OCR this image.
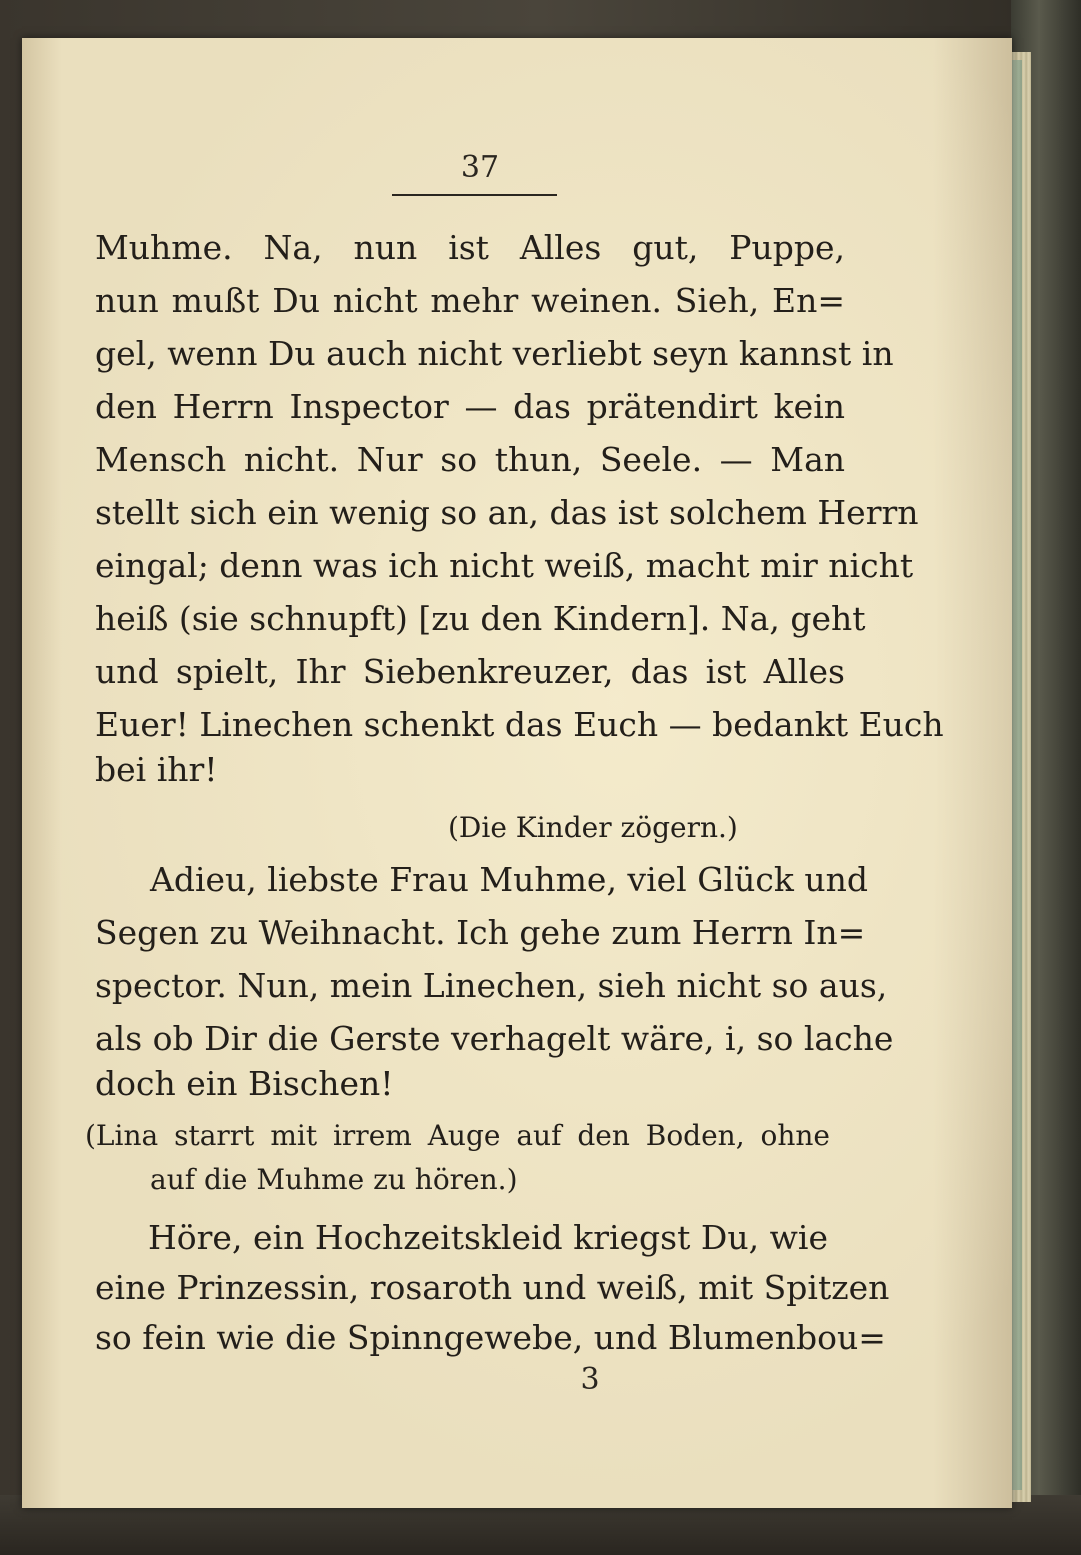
37
Muhme. Na, nun ist Alles gut, Puppe,
nun mußt Du nicht mehr weinen. Sieh, En=
gel, wenn Du auch nicht verliebt seyn kannst in
den Herrn Inspector — das prätendirt kein
Mensch nicht. Nur so thun, Seele. — Man
stellt sich ein wenig so an, das ist solchem Herrn
eingal; denn was ich nicht weiß, macht mir nicht
heiß (sie schnupft) [zu den Kindern]. Na, geht
und spielt, Ihr Siebenkreuzer, das ist Alles
Euer! Linechen schenkt das Euch — bedankt Euch
bei ihr!
(Die Kinder zögern.)
Adieu, liebste Frau Muhme, viel Glück und
Segen zu Weihnacht. Ich gehe zum Herrn In=
spector. Nun, mein Linechen, sieh nicht so aus,
als ob Dir die Gerste verhagelt wäre, i, so lache
doch ein Bischen!
(Lina starrt mit irrem Auge auf den Boden, ohne
auf die Muhme zu hören.)
Höre, ein Hochzeitskleid kriegst Du, wie
eine Prinzessin, rosaroth und weiß, mit Spitzen
so fein wie die Spinngewebe, und Blumenbou=
3
